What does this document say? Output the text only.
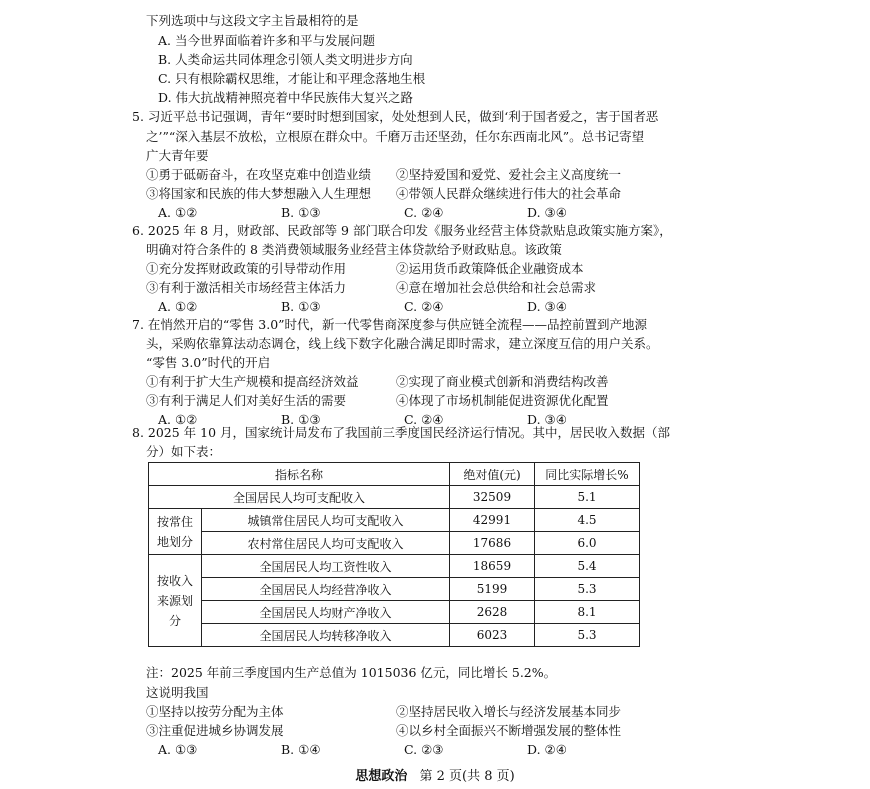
下列选项中与这段文字主旨最相符的是
A. 当今世界面临着许多和平与发展问题
B. 人类命运共同体理念引领人类文明进步方向
C. 只有根除霸权思维，才能让和平理念落地生根
D. 伟大抗战精神照亮着中华民族伟大复兴之路
5. 习近平总书记强调，青年“要时时想到国家，处处想到人民，做到‘利于国者爱之，害于国者恶
之’”“深入基层不放松，立根原在群众中。千磨万击还坚劲，任尔东西南北风”。总书记寄望
广大青年要
①勇于砥砺奋斗，在攻坚克难中创造业绩	②坚持爱国和爱党、爱社会主义高度统一
③将国家和民族的伟大梦想融入人生理想	④带领人民群众继续进行伟大的社会革命
A. ①②	B. ①③	C. ②④	D. ③④
6. 2025 年 8 月，财政部、民政部等 9 部门联合印发《服务业经营主体贷款贴息政策实施方案》，
明确对符合条件的 8 类消费领域服务业经营主体贷款给予财政贴息。该政策
①充分发挥财政政策的引导带动作用	②运用货币政策降低企业融资成本
③有利于激活相关市场经营主体活力	④意在增加社会总供给和社会总需求
A. ①②	B. ①③	C. ②④	D. ③④
7. 在悄然开启的“零售 3.0”时代，新一代零售商深度参与供应链全流程——品控前置到产地源
头，采购依靠算法动态调仓，线上线下数字化融合满足即时需求，建立深度互信的用户关系。
“零售 3.0”时代的开启
①有利于扩大生产规模和提高经济效益	②实现了商业模式创新和消费结构改善
③有利于满足人们对美好生活的需要	④体现了市场机制能促进资源优化配置
A. ①②	B. ①③	C. ②④	D. ③④
8. 2025 年 10 月，国家统计局发布了我国前三季度国民经济运行情况。其中，居民收入数据（部
分）如下表：
指标名称		绝对值(元)	同比实际增长%
全国居民人均可支配收入		32509	5.1
按常住
地划分	城镇常住居民人均可支配收入	42991	4.5
	农村常住居民人均可支配收入	17686	6.0
按收入
来源划
分	全国居民人均工资性收入	18659	5.4
	全国居民人均经营净收入	5199	5.3
	全国居民人均财产净收入	2628	8.1
	全国居民人均转移净收入	6023	5.3
注：2025 年前三季度国内生产总值为 1015036 亿元，同比增长 5.2%。
这说明我国
①坚持以按劳分配为主体	②坚持居民收入增长与经济发展基本同步
③注重促进城乡协调发展	④以乡村全面振兴不断增强发展的整体性
A. ①③	B. ①④	C. ②③	D. ②④
思想政治 第 2 页(共 8 页)
